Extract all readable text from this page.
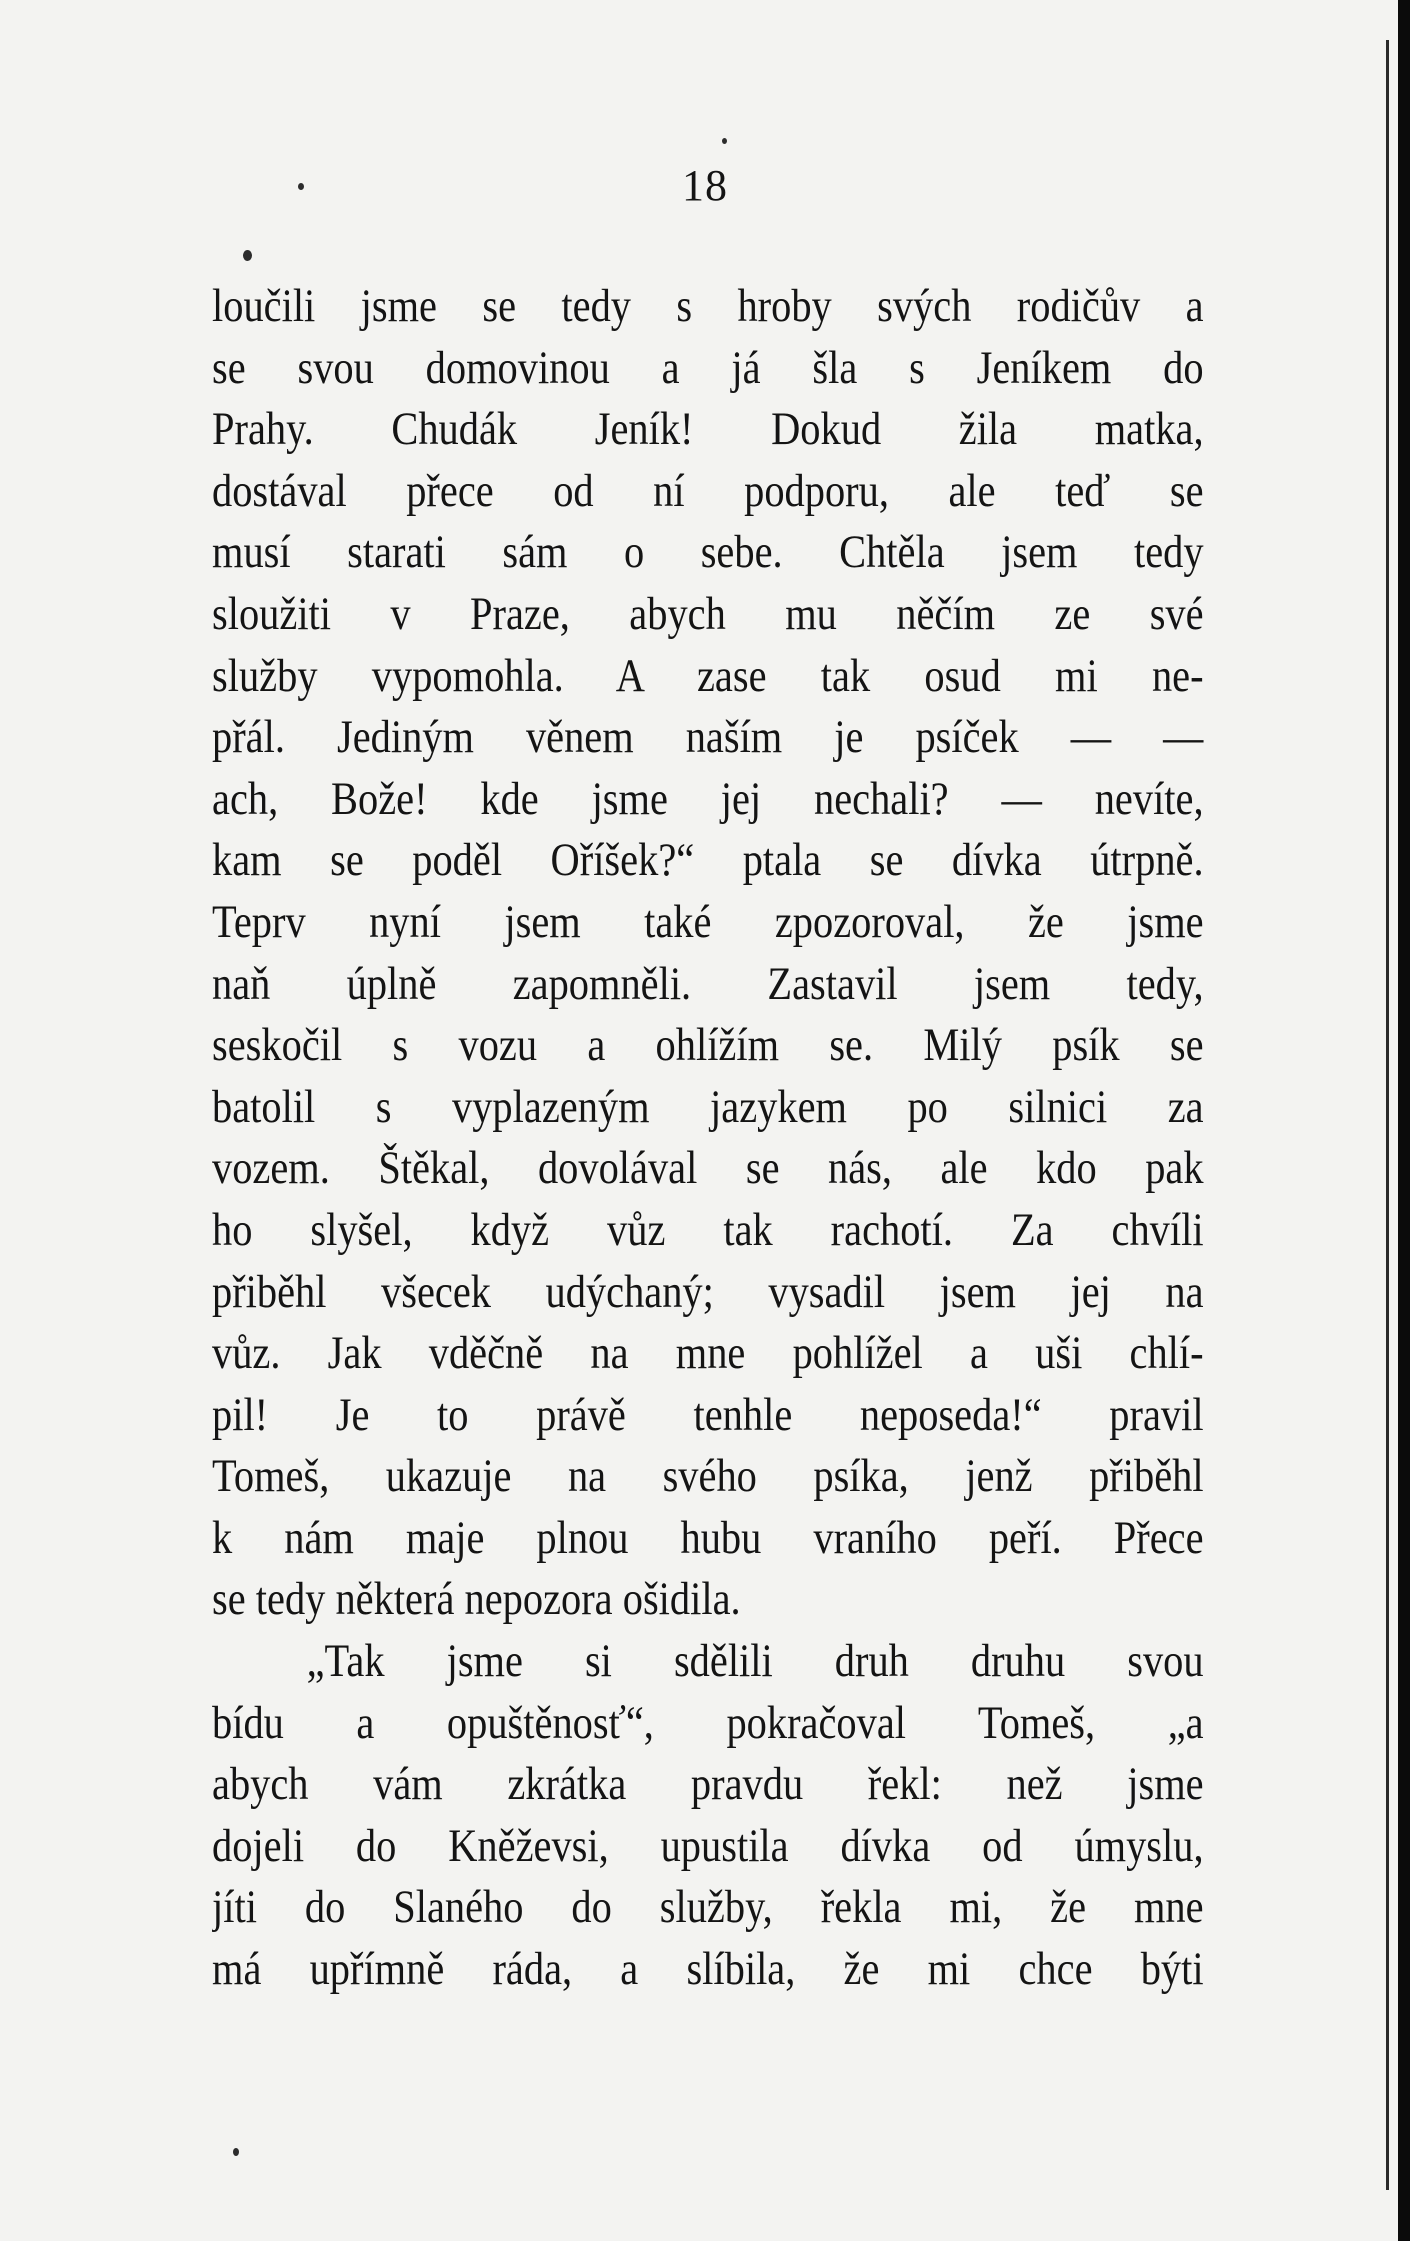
18
loučili jsme se tedy s hroby svých rodičův a
se svou domovinou a já šla s Jeníkem do
Prahy. Chudák Jeník! Dokud žila matka,
dostával přece od ní podporu, ale teď se
musí starati sám o sebe. Chtěla jsem tedy
sloužiti v Praze, abych mu něčím ze své
služby vypomohla. A zase tak osud mi ne-
přál. Jediným věnem naším je psíček — —
ach, Bože! kde jsme jej nechali? — nevíte,
kam se poděl Oříšek?“ ptala se dívka útrpně.
Teprv nyní jsem také zpozoroval, že jsme
naň úplně zapomněli. Zastavil jsem tedy,
seskočil s vozu a ohlížím se. Milý psík se
batolil s vyplazeným jazykem po silnici za
vozem. Štěkal, dovolával se nás, ale kdo pak
ho slyšel, když vůz tak rachotí. Za chvíli
přiběhl všecek udýchaný; vysadil jsem jej na
vůz. Jak vděčně na mne pohlížel a uši chlí-
pil! Je to právě tenhle neposeda!“ pravil
Tomeš, ukazuje na svého psíka, jenž přiběhl
k nám maje plnou hubu vraního peří. Přece
se tedy některá nepozora ošidila.
„Tak jsme si sdělili druh druhu svou
bídu a opuštěnosť“, pokračoval Tomeš, „a
abych vám zkrátka pravdu řekl: než jsme
dojeli do Kněževsi, upustila dívka od úmyslu,
jíti do Slaného do služby, řekla mi, že mne
má upřímně ráda, a slíbila, že mi chce býti
